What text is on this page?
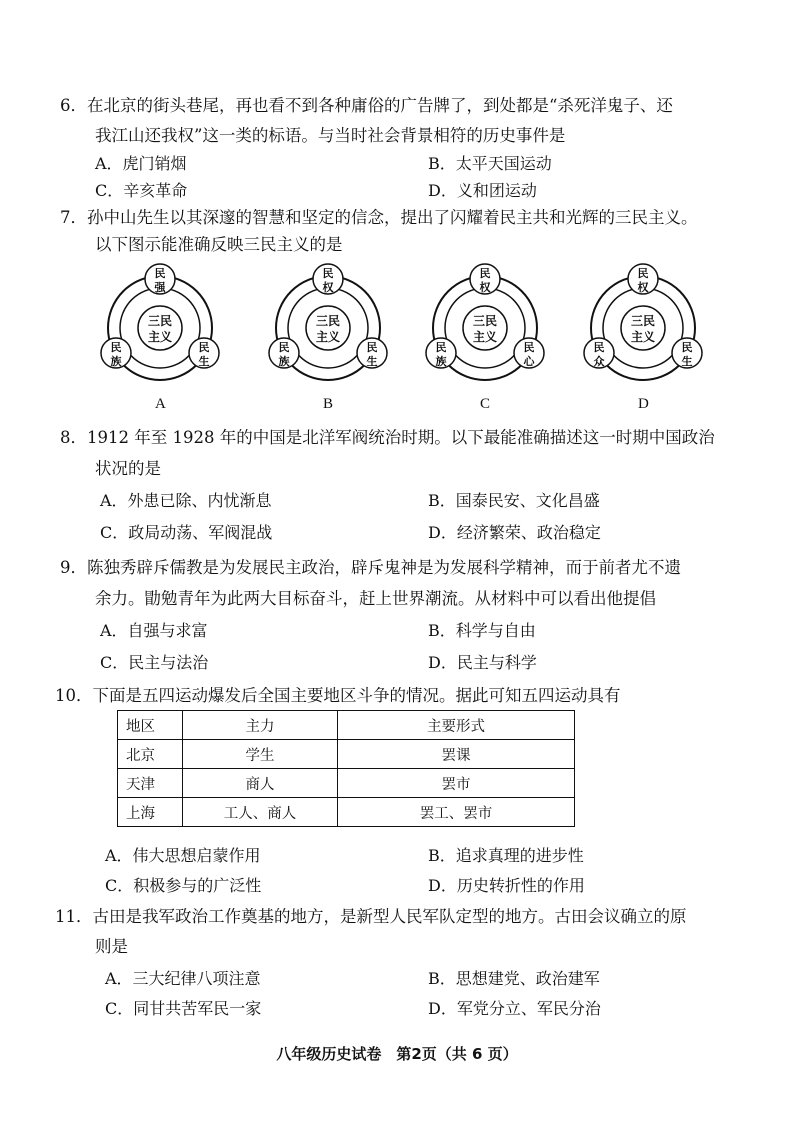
6．在北京的街头巷尾，再也看不到各种庸俗的广告牌了，到处都是“杀死洋鬼子、还
我江山还我权”这一类的标语。与当时社会背景相符的历史事件是
A．虎门销烟	B．太平天国运动
C．辛亥革命	D．义和团运动
7．孙中山先生以其深邃的智慧和坚定的信念，提出了闪耀着民主共和光辉的三民主义。
以下图示能准确反映三民主义的是
三民
主义
民
强
民
族
民
生
A
三民
主义
民
权
民
族
民
生
B
三民
主义
民
权
民
族
民
心
C
三民
主义
民
权
民
众
民
生
D
8．1912 年至 1928 年的中国是北洋军阀统治时期。以下最能准确描述这一时期中国政治
状况的是
A．外患已除、内忧渐息	B．国泰民安、文化昌盛
C．政局动荡、军阀混战	D．经济繁荣、政治稳定
9．陈独秀辟斥儒教是为发展民主政治，辟斥鬼神是为发展科学精神，而于前者尤不遗
余力。勖勉青年为此两大目标奋斗，赶上世界潮流。从材料中可以看出他提倡
A．自强与求富	B．科学与自由
C．民主与法治	D．民主与科学
10．下面是五四运动爆发后全国主要地区斗争的情况。据此可知五四运动具有
地区	主力	主要形式
北京	学生	罢课
天津	商人	罢市
上海	工人、商人	罢工、罢市
A．伟大思想启蒙作用	B．追求真理的进步性
C．积极参与的广泛性	D．历史转折性的作用
11．古田是我军政治工作奠基的地方，是新型人民军队定型的地方。古田会议确立的原
则是
A．三大纪律八项注意	B．思想建党、政治建军
C．同甘共苦军民一家	D．军党分立、军民分治
八年级历史试卷　第2页（共 6 页）
